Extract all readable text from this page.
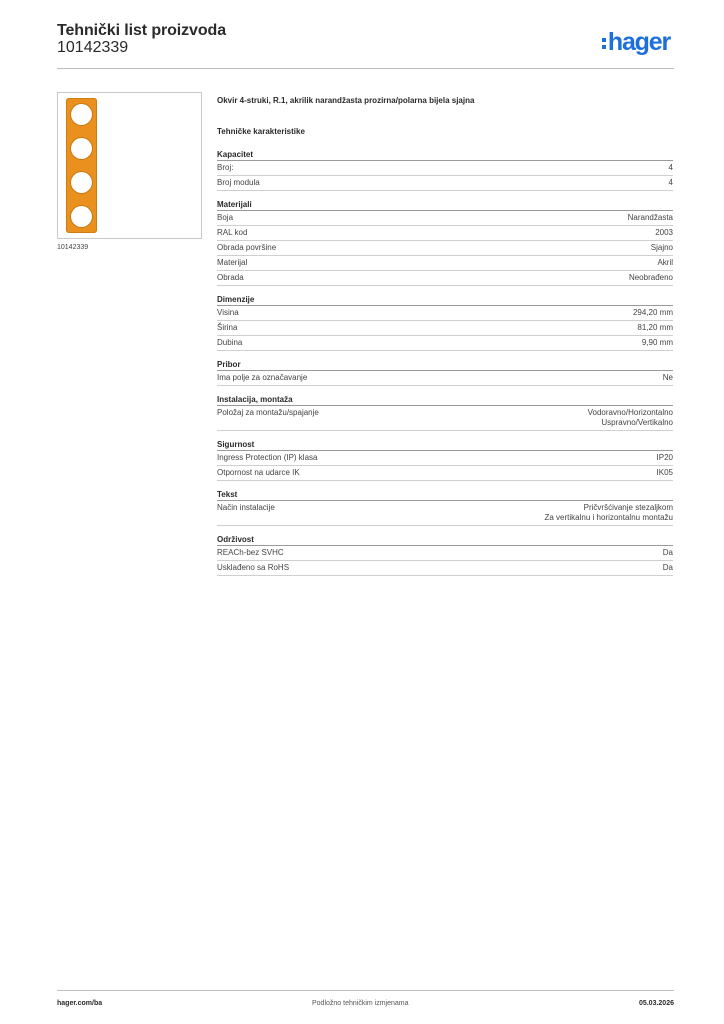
Tehnički list proizvoda
10142339	hager
10142339
Okvir 4-struki, R.1, akrilik narandžasta prozirna/polarna bijela sjajna
Tehničke karakteristike
Kapacitet
Broj:	4
Broj modula	4
Materijali
Boja	Narandžasta
RAL kod	2003
Obrada površine	Sjajno
Materijal	Akril
Obrada	Neobrađeno
Dimenzije
Visina	294,20 mm
Širina	81,20 mm
Dubina	9,90 mm
Pribor
Ima polje za označavanje	Ne
Instalacija, montaža
Položaj za montažu/spajanje	Vodoravno/Horizontalno
Uspravno/Vertikalno
Sigurnost
Ingress Protection (IP) klasa	IP20
Otpornost na udarce IK	IK05
Tekst
Način instalacije	Pričvršćivanje stezaljkom
Za vertikalnu i horizontalnu montažu
Održivost
REACh-bez SVHC	Da
Usklađeno sa RoHS	Da
hager.com/ba	Podložno tehničkim izmjenama	05.03.2026
